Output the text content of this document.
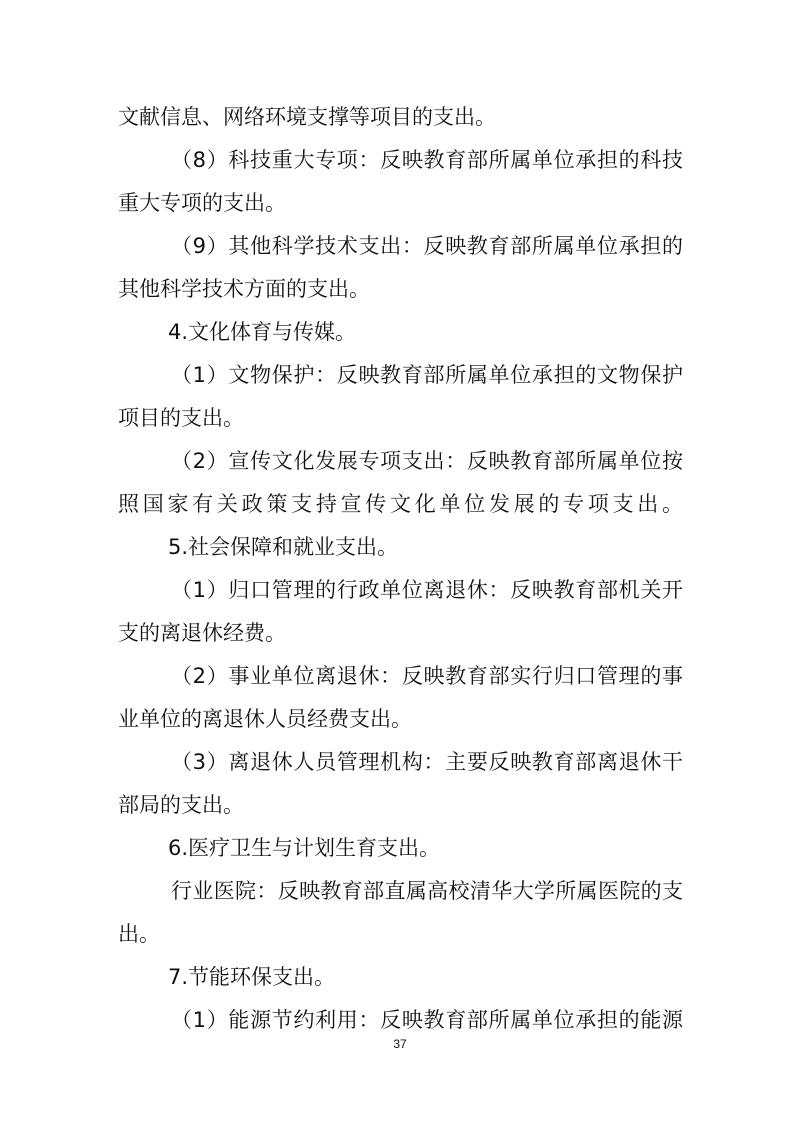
文献信息、网络环境支撑等项目的支出。
（8）科技重大专项：反映教育部所属单位承担的科技
重大专项的支出。
（9）其他科学技术支出：反映教育部所属单位承担的
其他科学技术方面的支出。
4.文化体育与传媒。
（1）文物保护：反映教育部所属单位承担的文物保护
项目的支出。
（2）宣传文化发展专项支出：反映教育部所属单位按
照国家有关政策支持宣传文化单位发展的专项支出。
5.社会保障和就业支出。
（1）归口管理的行政单位离退休：反映教育部机关开
支的离退休经费。
（2）事业单位离退休：反映教育部实行归口管理的事
业单位的离退休人员经费支出。
（3）离退休人员管理机构：主要反映教育部离退休干
部局的支出。
6.医疗卫生与计划生育支出。
行业医院：反映教育部直属高校清华大学所属医院的支
出。
7.节能环保支出。
（1）能源节约利用：反映教育部所属单位承担的能源
37
